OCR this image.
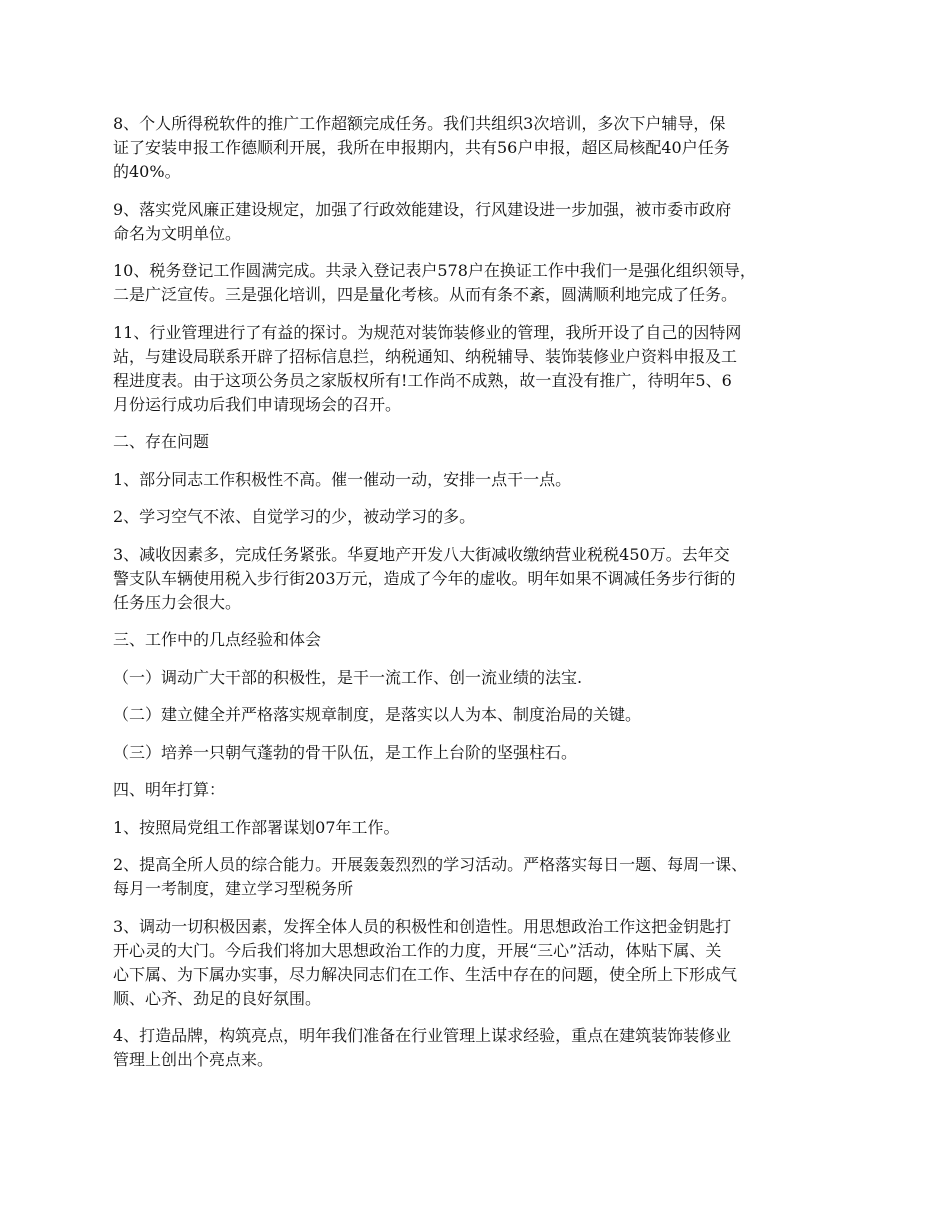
8、个人所得税软件的推广工作超额完成任务。我们共组织3次培训，多次下户辅导，保
证了安装申报工作德顺利开展，我所在申报期内，共有56户申报，超区局核配40户任务
的40%。

9、落实党风廉正建设规定，加强了行政效能建设，行风建设进一步加强，被市委市政府
命名为文明单位。

10、税务登记工作圆满完成。共录入登记表户578户在换证工作中我们一是强化组织领导，
二是广泛宣传。三是强化培训，四是量化考核。从而有条不紊，圆满顺利地完成了任务。

11、行业管理进行了有益的探讨。为规范对装饰装修业的管理，我所开设了自己的因特网
站，与建设局联系开辟了招标信息拦，纳税通知、纳税辅导、装饰装修业户资料申报及工
程进度表。由于这项公务员之家版权所有!工作尚不成熟，故一直没有推广，待明年5、6
月份运行成功后我们申请现场会的召开。

二、存在问题

1、部分同志工作积极性不高。催一催动一动，安排一点干一点。

2、学习空气不浓、自觉学习的少，被动学习的多。

3、减收因素多，完成任务紧张。华夏地产开发八大街减收缴纳营业税税450万。去年交
警支队车辆使用税入步行街203万元，造成了今年的虚收。明年如果不调减任务步行街的
任务压力会很大。

三、工作中的几点经验和体会

（一）调动广大干部的积极性，是干一流工作、创一流业绩的法宝.

（二）建立健全并严格落实规章制度，是落实以人为本、制度治局的关键。

（三）培养一只朝气蓬勃的骨干队伍，是工作上台阶的坚强柱石。

四、明年打算：

1、按照局党组工作部署谋划07年工作。

2、提高全所人员的综合能力。开展轰轰烈烈的学习活动。严格落实每日一题、每周一课、
每月一考制度，建立学习型税务所

3、调动一切积极因素，发挥全体人员的积极性和创造性。用思想政治工作这把金钥匙打
开心灵的大门。今后我们将加大思想政治工作的力度，开展“三心”活动，体贴下属、关
心下属、为下属办实事，尽力解决同志们在工作、生活中存在的问题，使全所上下形成气
顺、心齐、劲足的良好氛围。

4、打造品牌，构筑亮点，明年我们准备在行业管理上谋求经验，重点在建筑装饰装修业
管理上创出个亮点来。
